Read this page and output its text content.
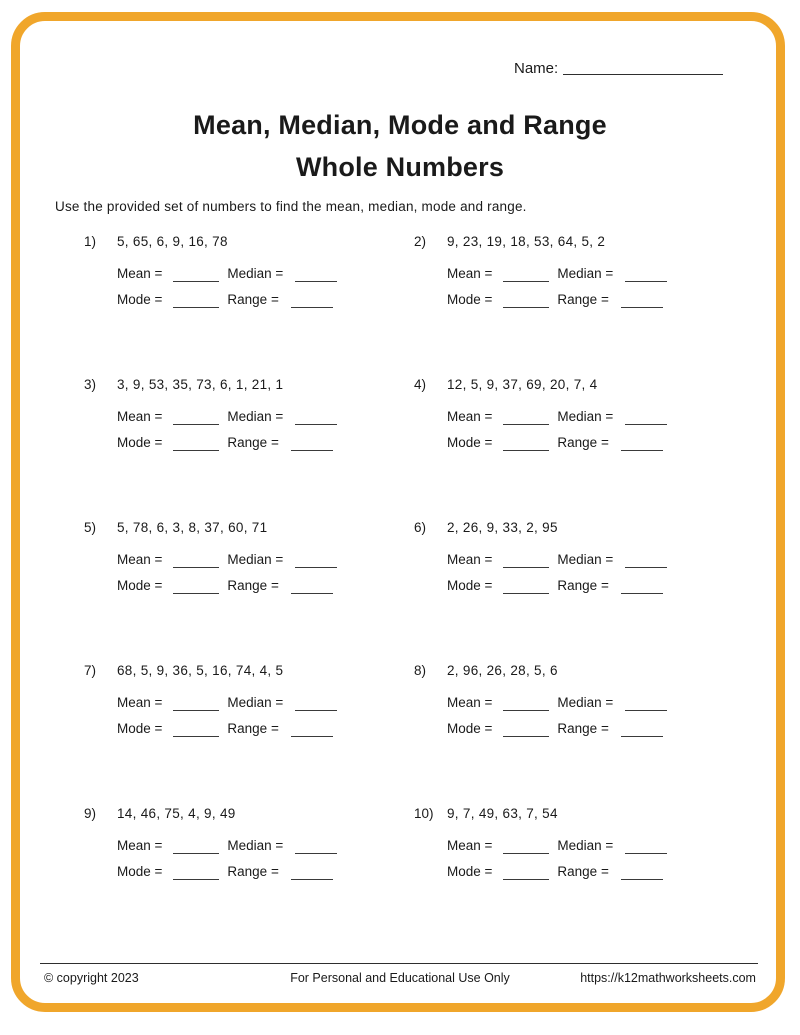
Name:
Mean, Median, Mode and Range
Whole Numbers
Use the provided set of numbers to find the mean, median, mode and range.
1)	5, 65, 6, 9, 16, 78
Mean =	Median =
Mode =	Range =
2)	9, 23, 19, 18, 53, 64, 5, 2
Mean =	Median =
Mode =	Range =
3)	3, 9, 53, 35, 73, 6, 1, 21, 1
Mean =	Median =
Mode =	Range =
4)	12, 5, 9, 37, 69, 20, 7, 4
Mean =	Median =
Mode =	Range =
5)	5, 78, 6, 3, 8, 37, 60, 71
Mean =	Median =
Mode =	Range =
6)	2, 26, 9, 33, 2, 95
Mean =	Median =
Mode =	Range =
7)	68, 5, 9, 36, 5, 16, 74, 4, 5
Mean =	Median =
Mode =	Range =
8)	2, 96, 26, 28, 5, 6
Mean =	Median =
Mode =	Range =
9)	14, 46, 75, 4, 9, 49
Mean =	Median =
Mode =	Range =
10) 9, 7, 49, 63, 7, 54
Mean =	Median =
Mode =	Range =
© copyright 2023	For Personal and Educational Use Only	https://k12mathworksheets.com
